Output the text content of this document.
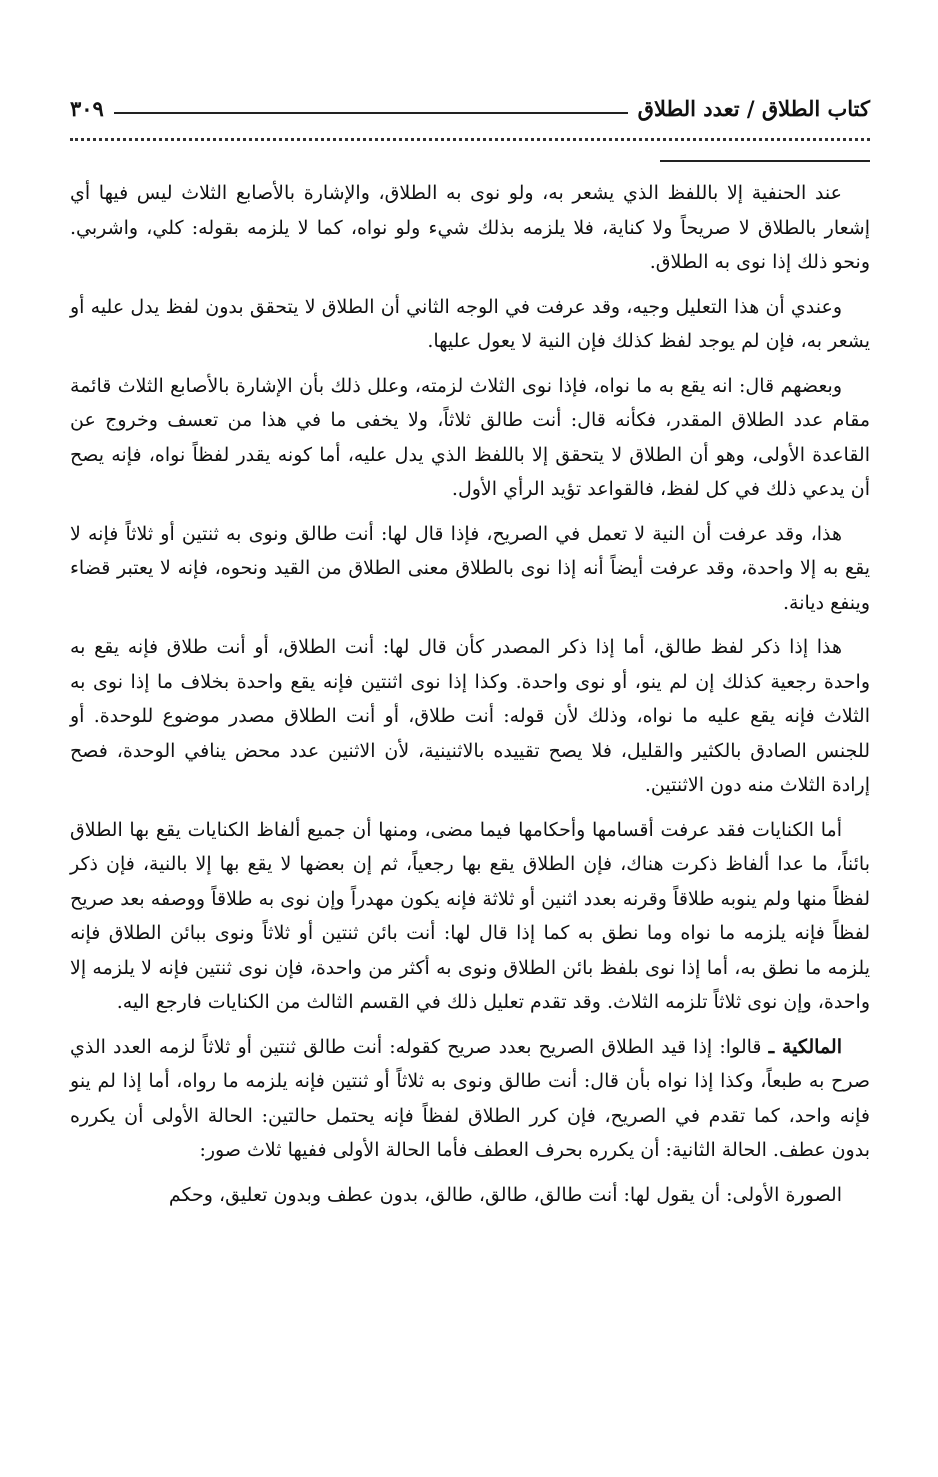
كتاب الطلاق / تعدد الطلاق
٣٠٩

عند الحنفية إلا باللفظ الذي يشعر به، ولو نوى به الطلاق، والإشارة بالأصابع الثلاث ليس فيها أي إشعار بالطلاق لا صريحاً ولا كناية، فلا يلزمه بذلك شيء ولو نواه، كما لا يلزمه بقوله: كلي، واشربي. ونحو ذلك إذا نوى به الطلاق.

وعندي أن هذا التعليل وجيه، وقد عرفت في الوجه الثاني أن الطلاق لا يتحقق بدون لفظ يدل عليه أو يشعر به، فإن لم يوجد لفظ كذلك فإن النية لا يعول عليها.

وبعضهم قال: انه يقع به ما نواه، فإذا نوى الثلاث لزمته، وعلل ذلك بأن الإشارة بالأصابع الثلاث قائمة مقام عدد الطلاق المقدر، فكأنه قال: أنت طالق ثلاثاً، ولا يخفى ما في هذا من تعسف وخروج عن القاعدة الأولى، وهو أن الطلاق لا يتحقق إلا باللفظ الذي يدل عليه، أما كونه يقدر لفظاً نواه، فإنه يصح أن يدعي ذلك في كل لفظ، فالقواعد تؤيد الرأي الأول.

هذا، وقد عرفت أن النية لا تعمل في الصريح، فإذا قال لها: أنت طالق ونوى به ثنتين أو ثلاثاً فإنه لا يقع به إلا واحدة، وقد عرفت أيضاً أنه إذا نوى بالطلاق معنى الطلاق من القيد ونحوه، فإنه لا يعتبر قضاء وينفع ديانة.

هذا إذا ذكر لفظ طالق، أما إذا ذكر المصدر كأن قال لها: أنت الطلاق، أو أنت طلاق فإنه يقع به واحدة رجعية كذلك إن لم ينو، أو نوى واحدة. وكذا إذا نوى اثنتين فإنه يقع واحدة بخلاف ما إذا نوى به الثلاث فإنه يقع عليه ما نواه، وذلك لأن قوله: أنت طلاق، أو أنت الطلاق مصدر موضوع للوحدة. أو للجنس الصادق بالكثير والقليل، فلا يصح تقييده بالاثنينية، لأن الاثنين عدد محض ينافي الوحدة، فصح إرادة الثلاث منه دون الاثنتين.

أما الكنايات فقد عرفت أقسامها وأحكامها فيما مضى، ومنها أن جميع ألفاظ الكنايات يقع بها الطلاق بائناً، ما عدا ألفاظ ذكرت هناك، فإن الطلاق يقع بها رجعياً، ثم إن بعضها لا يقع بها إلا بالنية، فإن ذكر لفظاً منها ولم ينوبه طلاقاً وقرنه بعدد اثنين أو ثلاثة فإنه يكون مهدراً وإن نوى به طلاقاً ووصفه بعد صريح لفظاً فإنه يلزمه ما نواه وما نطق به كما إذا قال لها: أنت بائن ثنتين أو ثلاثاً ونوى ببائن الطلاق فإنه يلزمه ما نطق به، أما إذا نوى بلفظ بائن الطلاق ونوى به أكثر من واحدة، فإن نوى ثنتين فإنه لا يلزمه إلا واحدة، وإن نوى ثلاثاً تلزمه الثلاث. وقد تقدم تعليل ذلك في القسم الثالث من الكنايات فارجع اليه.

المالكية ـ قالوا: إذا قيد الطلاق الصريح بعدد صريح كقوله: أنت طالق ثنتين أو ثلاثاً لزمه العدد الذي صرح به طبعاً، وكذا إذا نواه بأن قال: أنت طالق ونوى به ثلاثاً أو ثنتين فإنه يلزمه ما رواه، أما إذا لم ينو فإنه واحد، كما تقدم في الصريح، فإن كرر الطلاق لفظاً فإنه يحتمل حالتين: الحالة الأولى أن يكرره بدون عطف. الحالة الثانية: أن يكرره بحرف العطف فأما الحالة الأولى ففيها ثلاث صور:

الصورة الأولى: أن يقول لها: أنت طالق، طالق، طالق، بدون عطف وبدون تعليق، وحكم
